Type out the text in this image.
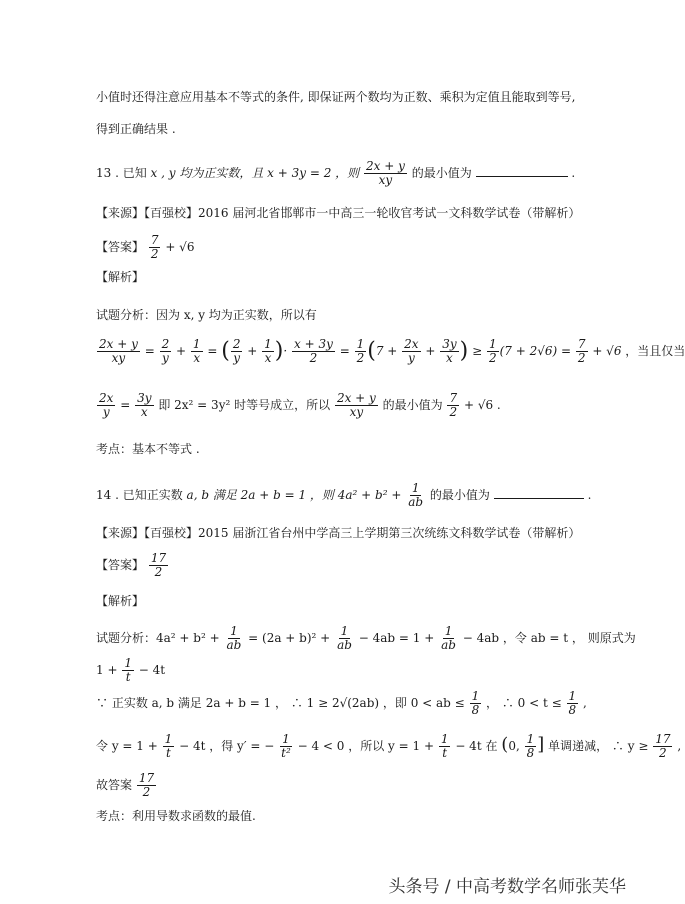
小值时还得注意应用基本不等式的条件, 即保证两个数均为正数、乘积为定值且能取到等号,
得到正确结果 .
13 . 已知 x , y 均为正实数，且 x + 3y = 2 ，则 $\frac{2x + y}{xy}$ 的最小值为	.
【来源】【百强校】2016 届河北省邯郸市一中高三一轮收官考试一文科数学试卷（带解析）
【答案】 $\frac{7}{2} + √6$
【解析】
试题分析：因为 x, y 均为正实数，所以有
$\frac{2x + y}{xy} = \frac{2}{y} + \frac{1}{x}$ = ( $\frac{2}{y} + \frac{1}{x}$ )· $\frac{x + 3y}{2} = \frac{1}{2} (7 + \frac{2x}{y} + \frac{3y}{x}$ ) ≥ $\frac{1}{2} (7 + 2√6) = \frac{7}{2} + √6$ ，当且仅当
$\frac{2x}{y} = \frac{3y}{x}$ 即 2x² = 3y² 时等号成立，所以 $\frac{2x + y}{xy}$ 的最小值为 $\frac{7}{2} + √6$ .
考点：基本不等式 .
14 . 已知正实数 a, b 满足 2a + b = 1 ，则 $4a^2 + b^2 + \frac{1}{ab}$ 的最小值为	.
【来源】【百强校】2015 届浙江省台州中学高三上学期第三次统练文科数学试卷（带解析）
【答案】 $\frac{17}{2}$
【解析】
试题分析：$4a^2 + b^2 + \frac{1}{ab} = (2a + b)^2 + \frac{1}{ab} - 4ab = 1 + \frac{1}{ab} - 4ab$ ，令 ab = t ， 则原式为
$1 + \frac{1}{t} - 4t$
∵ 正实数 a, b 满足 2a + b = 1 ， ∴ 1 ≥ 2√(2ab) ，即 0 < ab ≤ $\frac{1}{8}$ ， ∴ $0 < t \le \frac{1}{8}$ ,
令 $y = 1 + \frac{1}{t} - 4t$ ，得 y′ = − $\frac{1}{\text{t²}} - 4 < 0$ ，所以 $y = 1 + \frac{1}{t} - 4t$ 在 (0, $\frac{1}{8}$ ] 单调递减， ∴ $y \ge \frac{17}{2}$ ,
故答案 $\frac{17}{2}$
考点：利用导数求函数的最值.
头条号 / 中高考数学名师张芙华
